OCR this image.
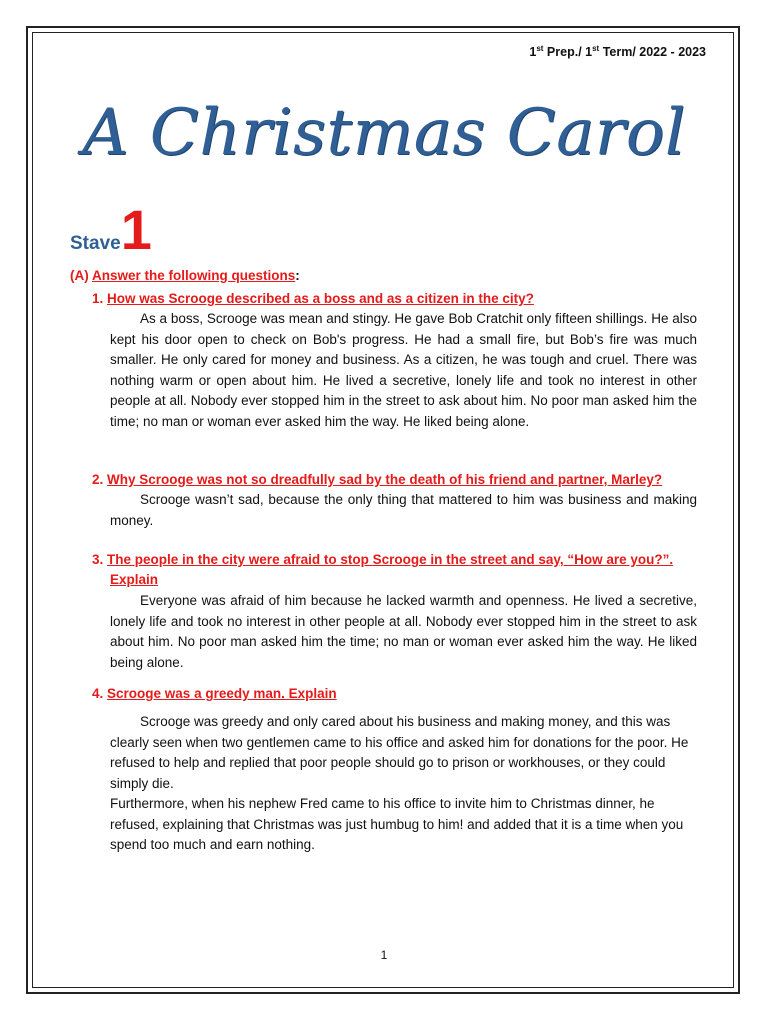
1st Prep./ 1st Term/ 2022 - 2023
A Christmas Carol
Stave1
(A) Answer the following questions:
1. How was Scrooge described as a boss and as a citizen in the city?

As a boss, Scrooge was mean and stingy. He gave Bob Cratchit only fifteen shillings. He also kept his door open to check on Bob's progress. He had a small fire, but Bob’s fire was much smaller. He only cared for money and business. As a citizen, he was tough and cruel. There was nothing warm or open about him. He lived a secretive, lonely life and took no interest in other people at all. Nobody ever stopped him in the street to ask about him. No poor man asked him the time; no man or woman ever asked him the way. He liked being alone.

2. Why Scrooge was not so dreadfully sad by the death of his friend and partner, Marley?

Scrooge wasn’t sad, because the only thing that mattered to him was business and making money.

3. The people in the city were afraid to stop Scrooge in the street and say, “How are you?”.
Explain

Everyone was afraid of him because he lacked warmth and openness. He lived a secretive, lonely life and took no interest in other people at all. Nobody ever stopped him in the street to ask about him. No poor man asked him the time; no man or woman ever asked him the way. He liked being alone.

4. Scrooge was a greedy man. Explain

Scrooge was greedy and only cared about his business and making money, and this was clearly seen when two gentlemen came to his office and asked him for donations for the poor. He refused to help and replied that poor people should go to prison or workhouses, or they could simply die.

Furthermore, when his nephew Fred came to his office to invite him to Christmas dinner, he refused, explaining that Christmas was just humbug to him! and added that it is a time when you spend too much and earn nothing.

1
